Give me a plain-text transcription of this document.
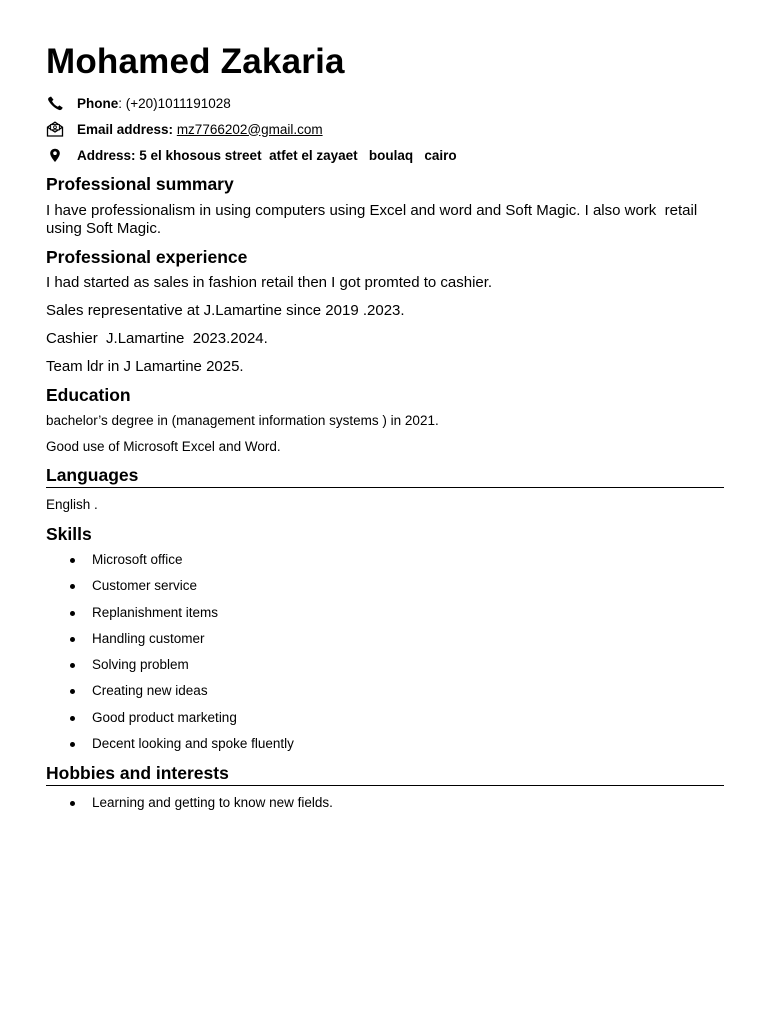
Mohamed Zakaria
Phone: (+20)1011191028
Email address: mz7766202@gmail.com
Address: 5 el khosous street  atfet el zayaet   boulaq   cairo
Professional summary

I have professionalism in using computers using Excel and word and Soft Magic. I also work  retail using Soft Magic.

Professional experience

I had started as sales in fashion retail then I got promted to cashier.

Sales representative at J.Lamartine since 2019 .2023.

Cashier  J.Lamartine  2023.2024.

Team ldr in J Lamartine 2025.

Education

bachelor’s degree in (management information systems ) in 2021.

Good use of Microsoft Excel and Word.

Languages

English .

Skills
Microsoft office
Customer service
Replanishment items
Handling customer
Solving problem
Creating new ideas
Good product marketing
Decent looking and spoke fluently
Hobbies and interests
Learning and getting to know new fields.
